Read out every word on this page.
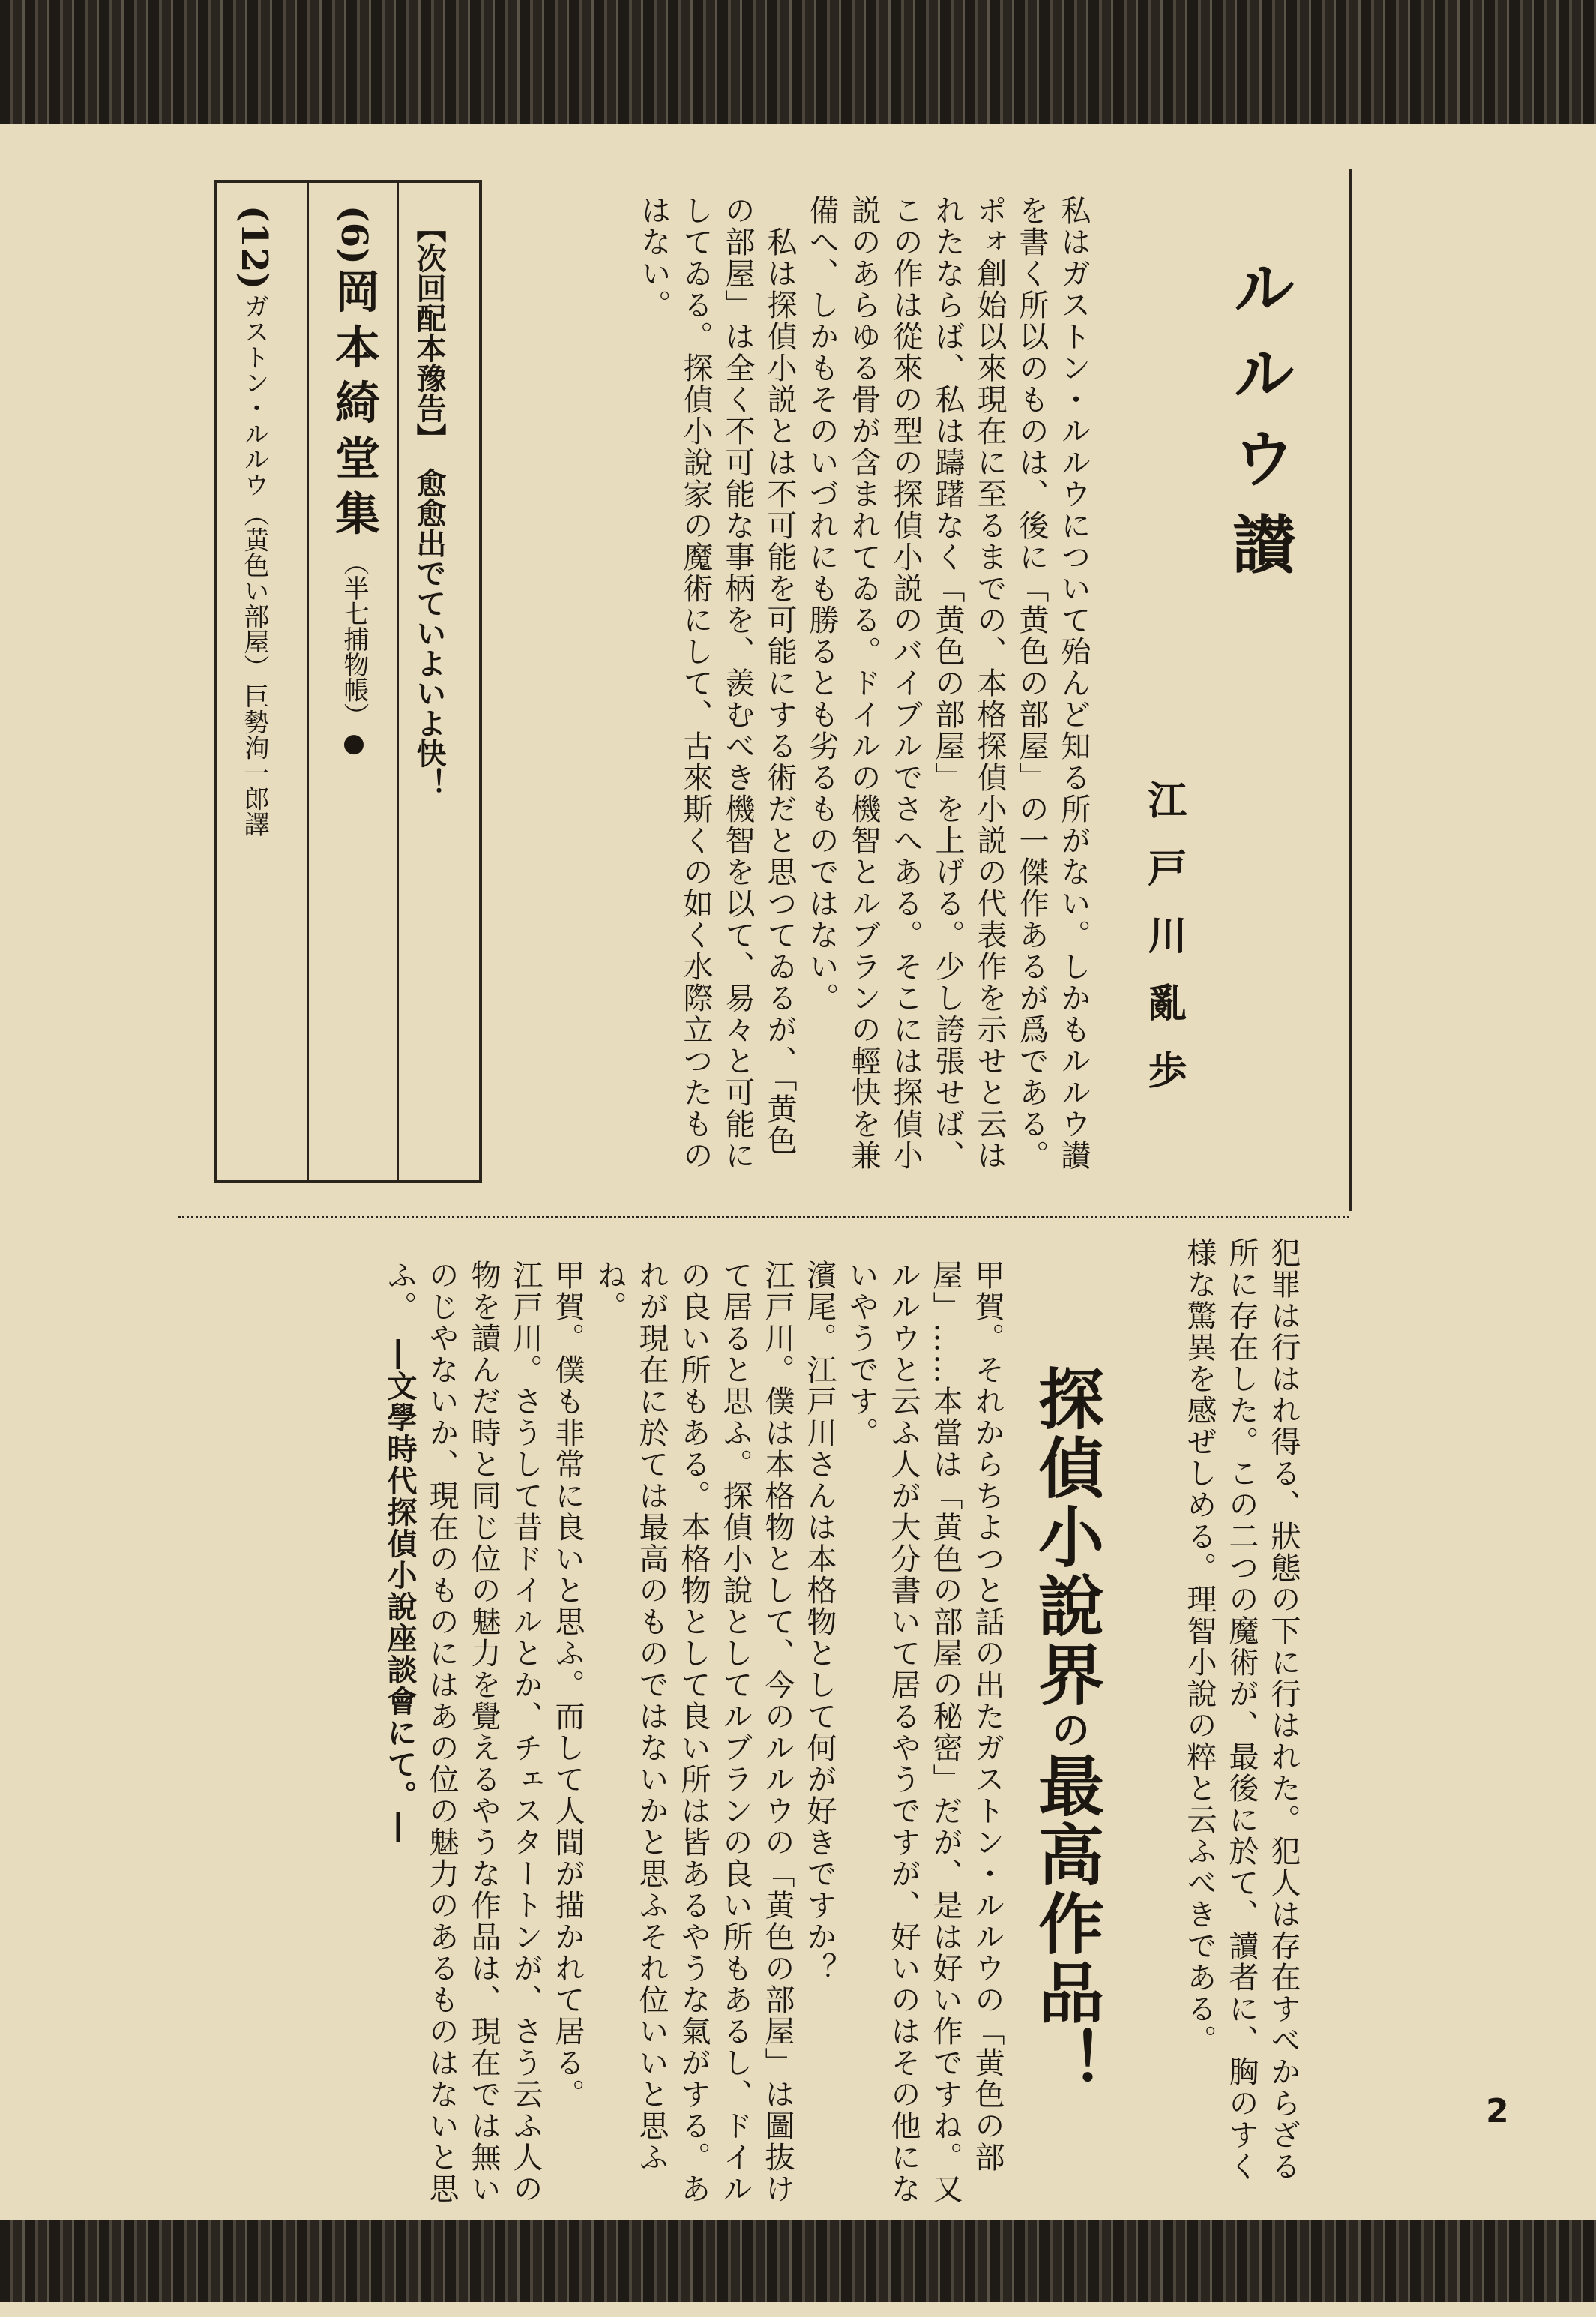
ルルウ讃
江戸川亂歩
私はガストン・ルルウについて殆んど知る所がない。しかもルルウ讃を書く所以のものは、後に「黄色の部屋」の一傑作あるが爲である。ポォ創始以來現在に至るまでの、本格探偵小説の代表作を示せと云はれたならば、私は躊躇なく「黄色の部屋」を上げる。少し誇張せば、この作は從來の型の探偵小説のバイブルでさへある。そこには探偵小説のあらゆる骨が含まれてゐる。ドイルの機智とルブランの輕快を兼備へ、しかもそのいづれにも勝るとも劣るものではない。
　私は探偵小説とは不可能を可能にする術だと思つてゐるが、「黄色の部屋」は全く不可能な事柄を、羨むべき機智を以て、易々と可能にしてゐる。探偵小說家の魔術にして、古來斯くの如く水際立つたものはない。
【次回配本豫告】　愈愈出でていよいよ快！
(6) 岡本綺堂集 （半七捕物帳）●
(12) ガストン・ルルウ （黄色い部屋） 巨勢洵一郎譯
犯罪は行はれ得る、狀態の下に行はれた。犯人は存在すべからざる所に存在した。この二つの魔術が、最後に於て、讀者に、胸のすく様な驚異を感ぜしめる。理智小說の粹と云ふべきである。
探偵小說界の最高作品！
甲賀。それからちよつと話の出たガストン・ルルウの「黄色の部屋」……本當は「黄色の部屋の秘密」だが、是は好い作ですね。又ルルウと云ふ人が大分書いて居るやうですが、好いのはその他にないやうです。
濱尾。江戸川さんは本格物として何が好きですか？
江戸川。僕は本格物として、今のルルウの「黄色の部屋」は圖抜けて居ると思ふ。探偵小說としてルブランの良い所もあるし、ドイルの良い所もある。本格物として良い所は皆あるやうな氣がする。あれが現在に於ては最高のものではないかと思ふそれ位いいと思ふね。
甲賀。僕も非常に良いと思ふ。而して人間が描かれて居る。
江戸川。さうして昔ドイルとか、チェスタートンが、さう云ふ人の物を讀んだ時と同じ位の魅力を覺えるやうな作品は、現在では無いのじやないか、現在のものにはあの位の魅力のあるものはないと思ふ。　―文學時代探偵小說座談會にて。―
2
